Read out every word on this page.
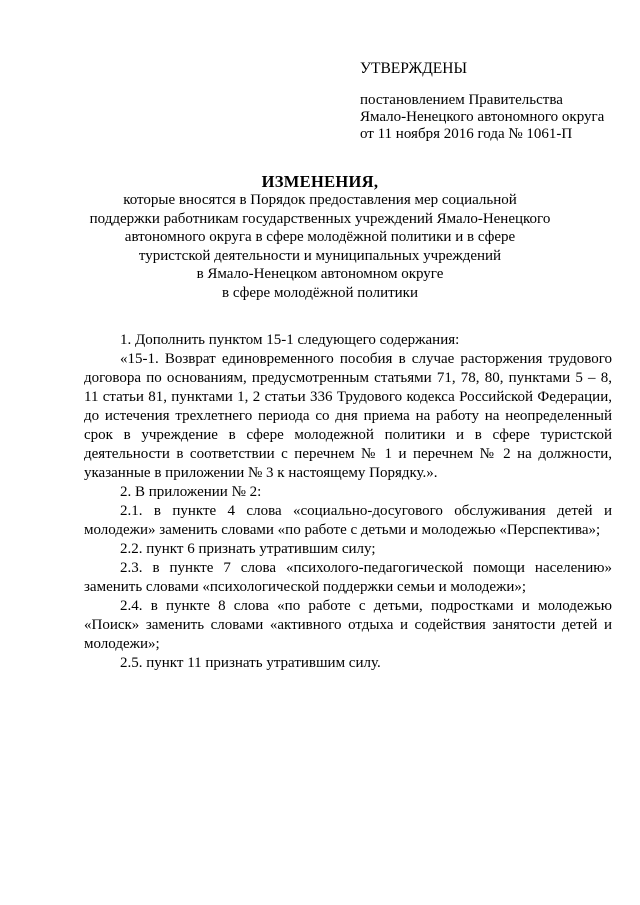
УТВЕРЖДЕНЫ
постановлением Правительства
Ямало-Ненецкого автономного округа
от 11 ноября 2016 года № 1061-П
ИЗМЕНЕНИЯ,
которые вносятся в Порядок предоставления мер социальной
поддержки работникам государственных учреждений Ямало-Ненецкого
автономного округа в сфере молодёжной политики и в сфере
туристской деятельности и муниципальных учреждений
в Ямало-Ненецком автономном округе
в сфере молодёжной политики

1. Дополнить пунктом 15-1 следующего содержания:

«15-1. Возврат единовременного пособия в случае расторжения трудового договора по основаниям, предусмотренным статьями 71, 78, 80, пунктами 5 – 8, 11 статьи 81, пунктами 1, 2 статьи 336 Трудового кодекса Российской Федерации, до истечения трехлетнего периода со дня приема на работу на неопределенный срок в учреждение в сфере молодежной политики и в сфере туристской деятельности в соответствии с перечнем № 1 и перечнем № 2 на должности, указанные в приложении № 3 к настоящему Порядку.».

2. В приложении № 2:

2.1. в пункте 4 слова «социально-досугового обслуживания детей и молодежи» заменить словами «по работе с детьми и молодежью «Перспектива»;

2.2. пункт 6 признать утратившим силу;

2.3. в пункте 7 слова «психолого-педагогической помощи населению» заменить словами «психологической поддержки семьи и молодежи»;

2.4. в пункте 8 слова «по работе с детьми, подростками и молодежью «Поиск» заменить словами «активного отдыха и содействия занятости детей и молодежи»;

2.5. пункт 11 признать утратившим силу.
